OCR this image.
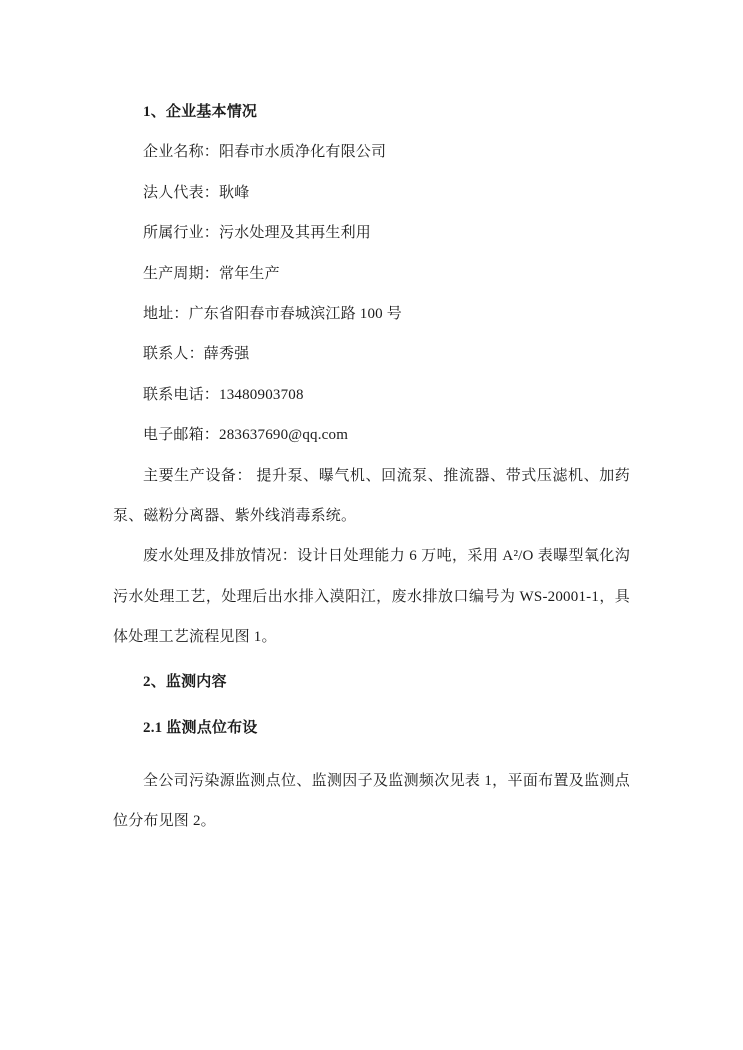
1、企业基本情况
企业名称：阳春市水质净化有限公司
法人代表：耿峰
所属行业：污水处理及其再生利用
生产周期：常年生产
地址：广东省阳春市春城滨江路 100 号
联系人：薛秀强
联系电话：13480903708
电子邮箱：283637690@qq.com
主要生产设备： 提升泵、曝气机、回流泵、推流器、带式压滤机、加药泵、磁粉分离器、紫外线消毒系统。
废水处理及排放情况：设计日处理能力 6 万吨，采用 A²/O 表曝型氧化沟污水处理工艺，处理后出水排入漠阳江，废水排放口编号为 WS-20001-1，具体处理工艺流程见图 1。
2、监测内容
2.1 监测点位布设
全公司污染源监测点位、监测因子及监测频次见表 1，平面布置及监测点位分布见图 2。
